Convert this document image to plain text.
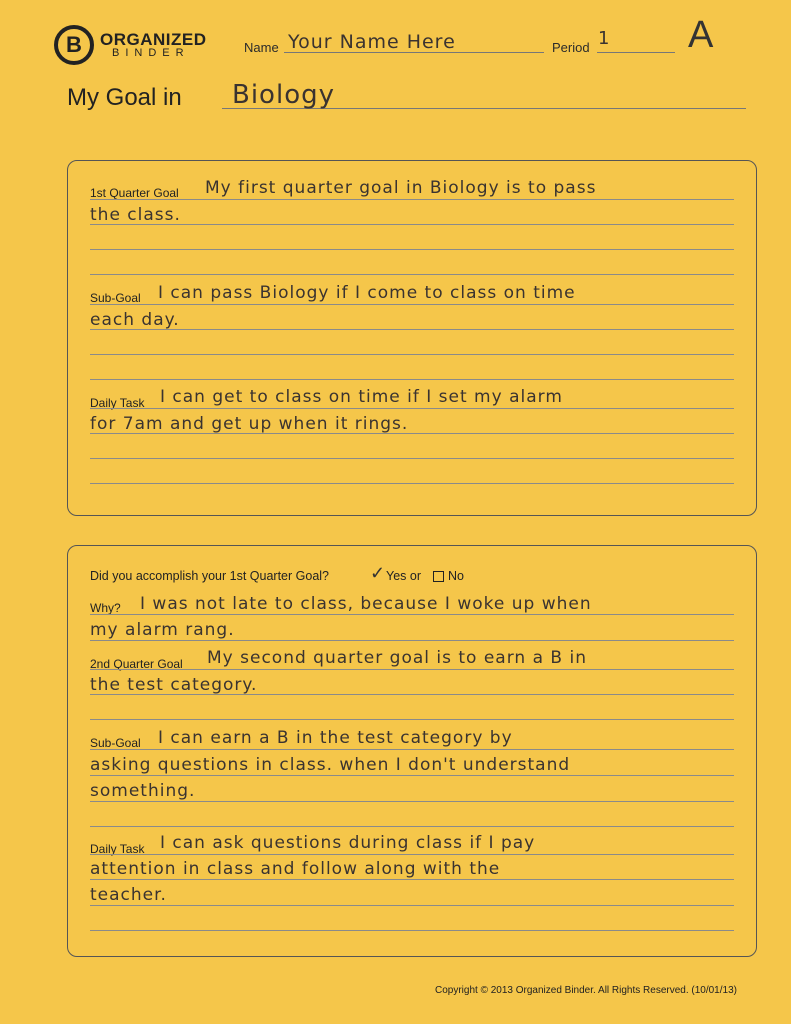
B ORGANIZED
BINDER	Name Your Name Here	Period 1 A
My Goal in Biology
1st Quarter Goal My first quarter goal in Biology is to pass
the class.
Sub-Goal I can pass Biology if I come to class on time
each day.
Daily Task I can get to class on time if I set my alarm
for 7am and get up when it rings.
Did you accomplish your 1st Quarter Goal? ✓ Yes or No
Why? I was not late to class, because I woke up when
my alarm rang.
2nd Quarter Goal My second quarter goal is to earn a B in
the test category.
Sub-Goal I can earn a B in the test category by
asking questions in class. when I don't understand
something.
Daily Task I can ask questions during class if I pay
attention in class and follow along with the
teacher.
Copyright © 2013 Organized Binder. All Rights Reserved. (10/01/13)
